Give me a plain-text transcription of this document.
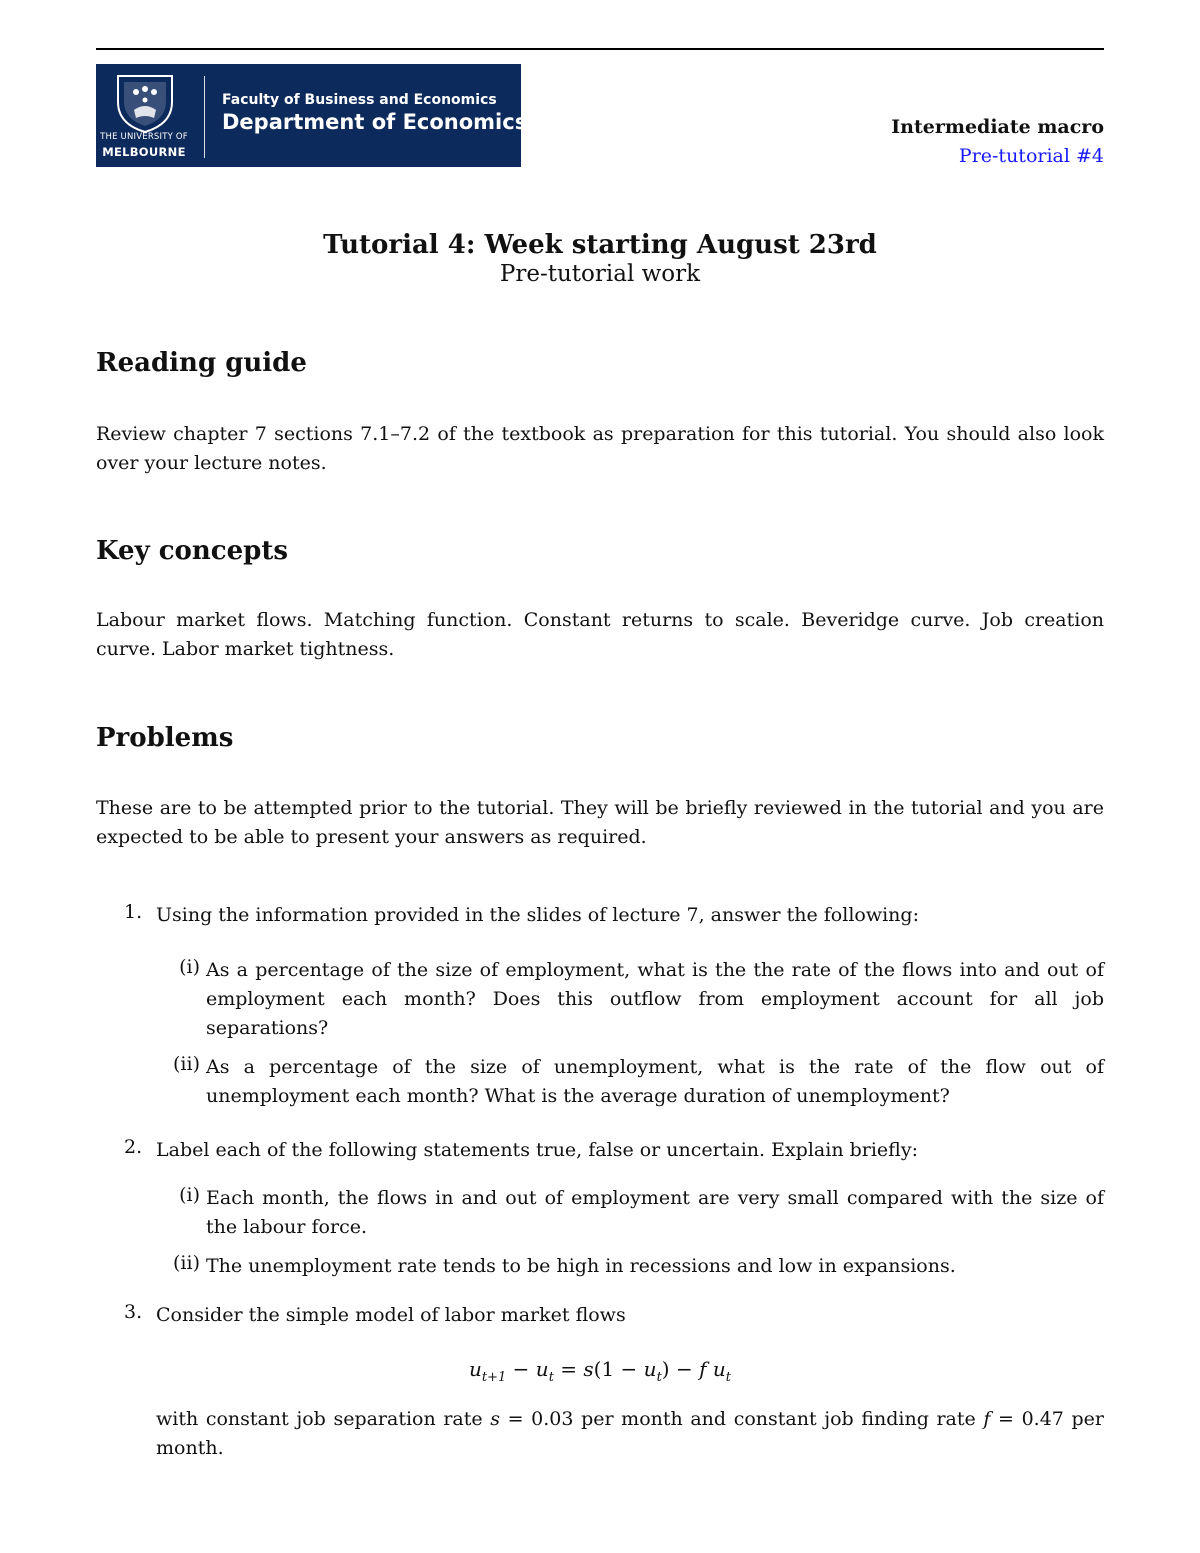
THE UNIVERSITY OF
MELBOURNE
Faculty of Business and Economics
Department of Economics	Intermediate macro
Pre-tutorial #4
Tutorial 4: Week starting August 23rd
Pre-tutorial work
Reading guide
Review chapter 7 sections 7.1–7.2 of the textbook as preparation for this tutorial. You should also look over your lecture notes.
Key concepts
Labour market flows. Matching function. Constant returns to scale. Beveridge curve. Job creation curve. Labor market tightness.
Problems
These are to be attempted prior to the tutorial. They will be briefly reviewed in the tutorial and you are expected to be able to present your answers as required.
1. Using the information provided in the slides of lecture 7, answer the following:
(i) As a percentage of the size of employment, what is the the rate of the flows into and out of employment each month? Does this outflow from employment account for all job separations?
(ii) As a percentage of the size of unemployment, what is the rate of the flow out of unemployment each month? What is the average duration of unemployment?
2. Label each of the following statements true, false or uncertain. Explain briefly:
(i) Each month, the flows in and out of employment are very small compared with the size of the labour force.
(ii) The unemployment rate tends to be high in recessions and low in expansions.
3. Consider the simple model of labor market flows
$u_{t+1} - u_t = s(1 - u_t) - f$ $u_t$
with constant job separation rate s = 0.03 per month and constant job finding rate f = 0.47 per month.
